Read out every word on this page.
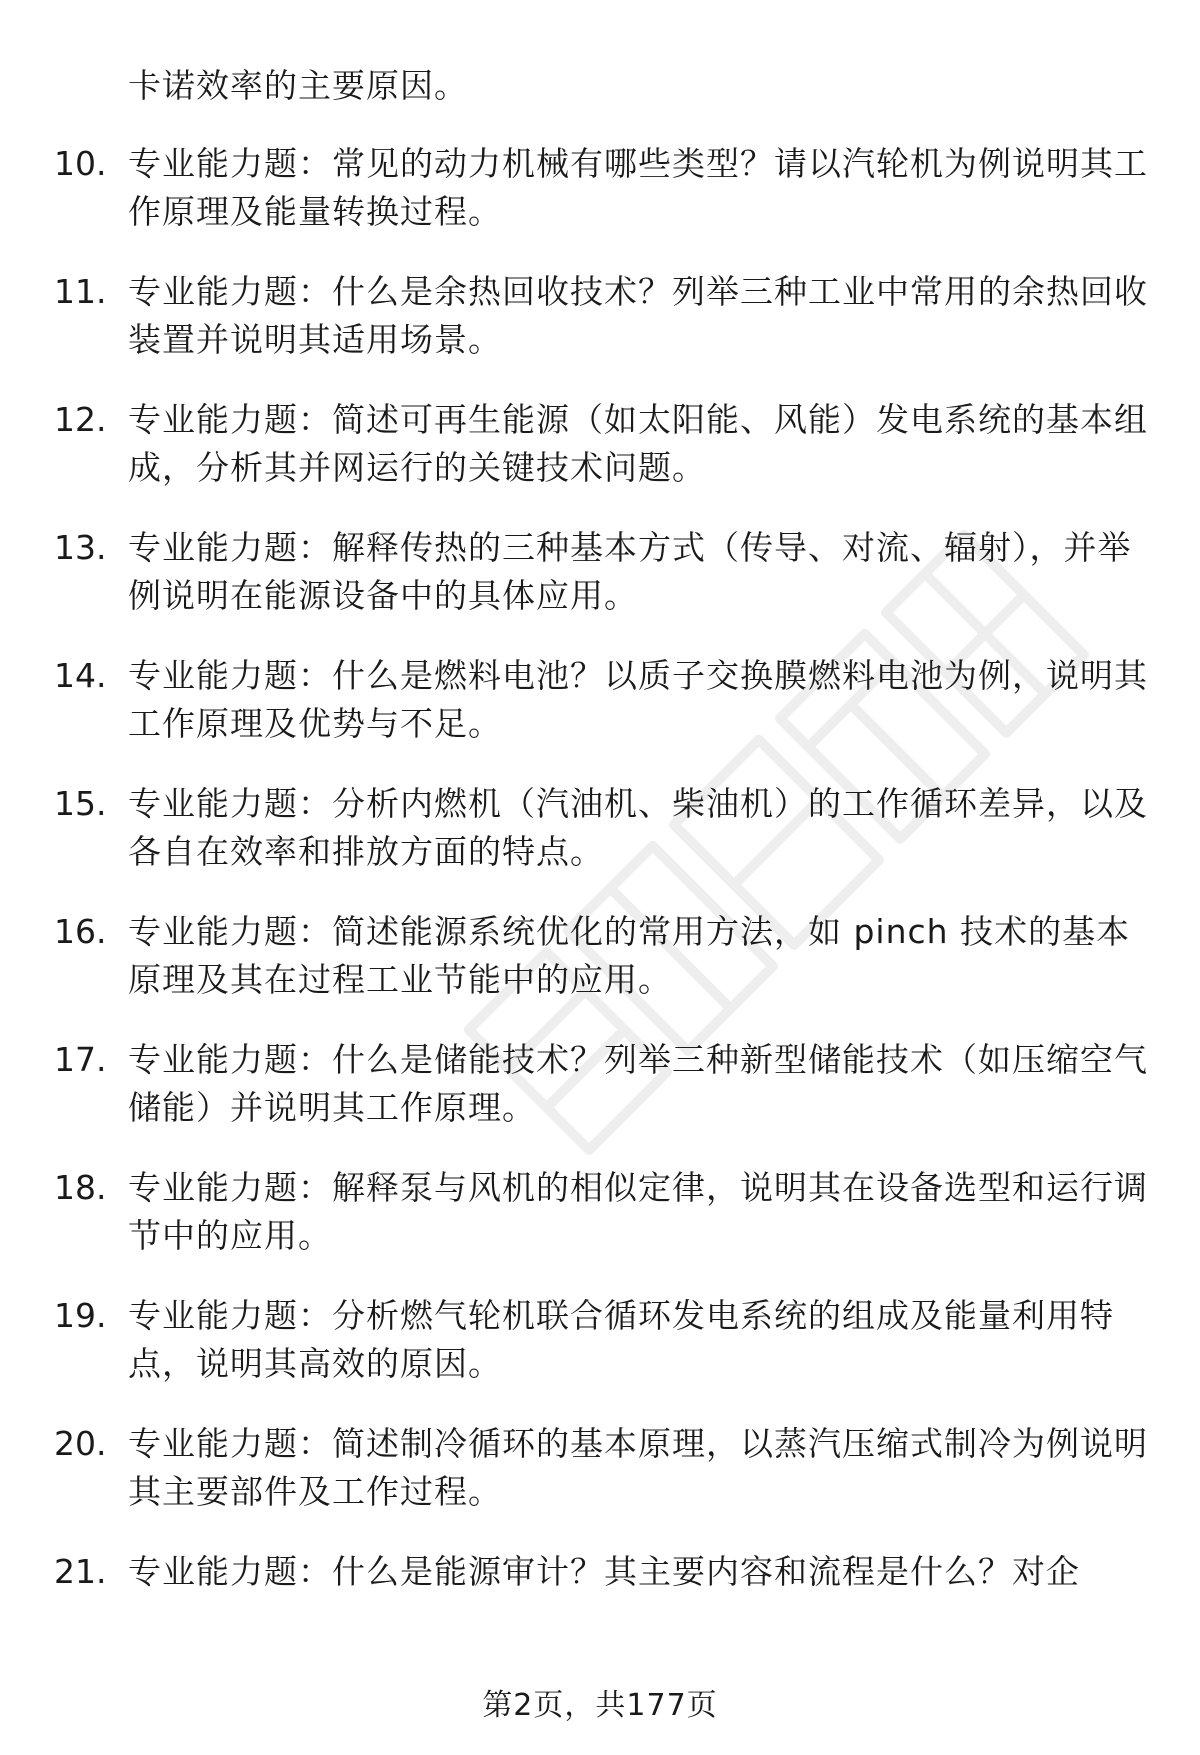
卡诺效率的主要原因。
10. 专业能力题：常见的动力机械有哪些类型？请以汽轮机为例说明其工作原理及能量转换过程。
11. 专业能力题：什么是余热回收技术？列举三种工业中常用的余热回收装置并说明其适用场景。
12. 专业能力题：简述可再生能源（如太阳能、风能）发电系统的基本组成，分析其并网运行的关键技术问题。
13. 专业能力题：解释传热的三种基本方式（传导、对流、辐射），并举例说明在能源设备中的具体应用。
14. 专业能力题：什么是燃料电池？以质子交换膜燃料电池为例，说明其工作原理及优势与不足。
15. 专业能力题：分析内燃机（汽油机、柴油机）的工作循环差异，以及各自在效率和排放方面的特点。
16. 专业能力题：简述能源系统优化的常用方法，如 pinch 技术的基本原理及其在过程工业节能中的应用。
17. 专业能力题：什么是储能技术？列举三种新型储能技术（如压缩空气储能）并说明其工作原理。
18. 专业能力题：解释泵与风机的相似定律，说明其在设备选型和运行调节中的应用。
19. 专业能力题：分析燃气轮机联合循环发电系统的组成及能量利用特点，说明其高效的原因。
20. 专业能力题：简述制冷循环的基本原理，以蒸汽压缩式制冷为例说明其主要部件及工作过程。
21. 专业能力题：什么是能源审计？其主要内容和流程是什么？对企
第2页，共177页
